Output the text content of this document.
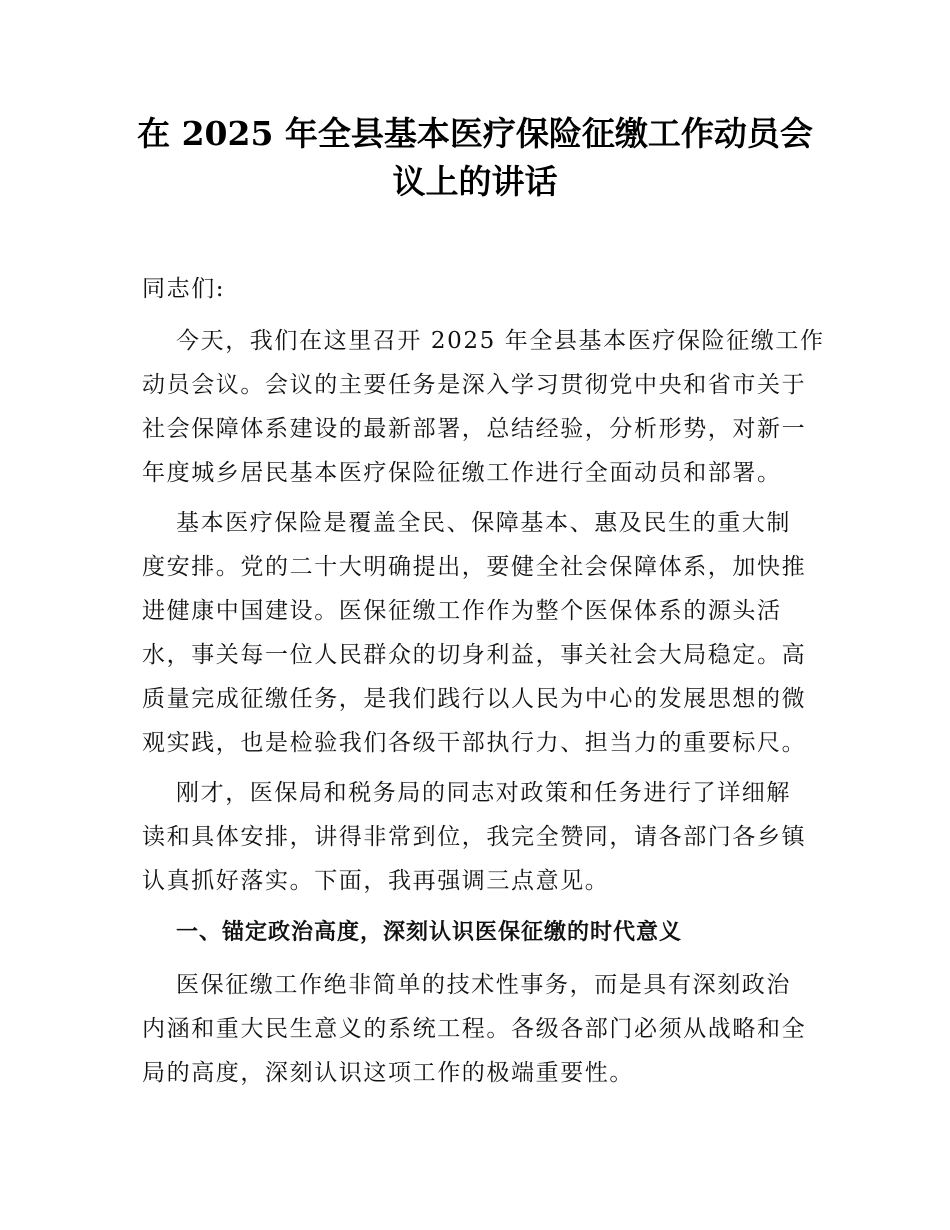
在 2025 年全县基本医疗保险征缴工作动员会
议上的讲话
同志们:
今天，我们在这里召开 2025 年全县基本医疗保险征缴工作
动员会议。会议的主要任务是深入学习贯彻党中央和省市关于
社会保障体系建设的最新部署，总结经验，分析形势，对新一
年度城乡居民基本医疗保险征缴工作进行全面动员和部署。
基本医疗保险是覆盖全民、保障基本、惠及民生的重大制
度安排。党的二十大明确提出，要健全社会保障体系，加快推
进健康中国建设。医保征缴工作作为整个医保体系的源头活
水，事关每一位人民群众的切身利益，事关社会大局稳定。高
质量完成征缴任务，是我们践行以人民为中心的发展思想的微
观实践，也是检验我们各级干部执行力、担当力的重要标尺。
刚才，医保局和税务局的同志对政策和任务进行了详细解
读和具体安排，讲得非常到位，我完全赞同，请各部门各乡镇
认真抓好落实。下面，我再强调三点意见。
一、锚定政治高度，深刻认识医保征缴的时代意义
医保征缴工作绝非简单的技术性事务，而是具有深刻政治
内涵和重大民生意义的系统工程。各级各部门必须从战略和全
局的高度，深刻认识这项工作的极端重要性。
